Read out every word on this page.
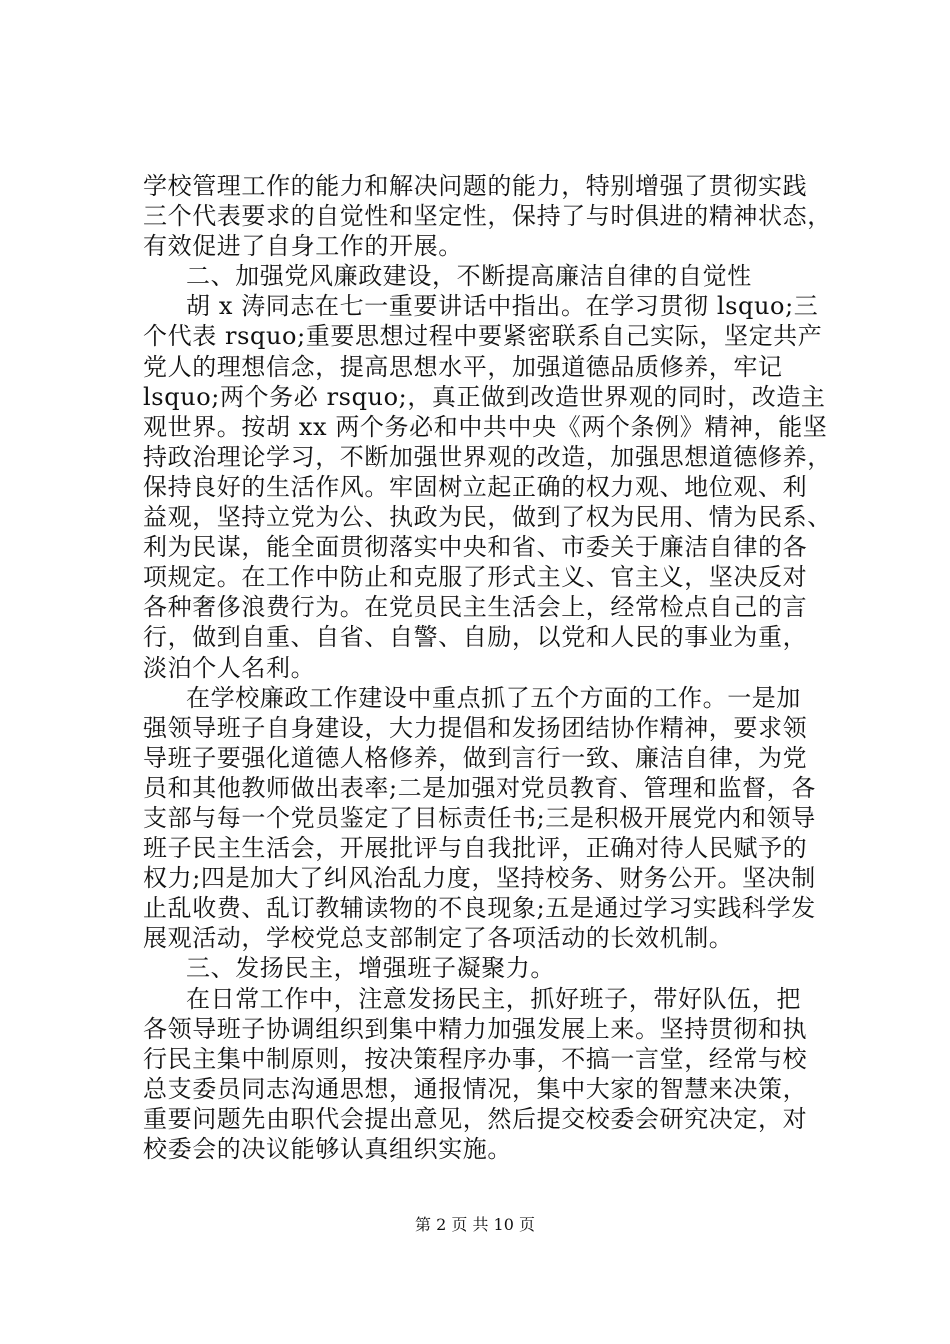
学校管理工作的能力和解决问题的能力，特别增强了贯彻实践
三个代表要求的自觉性和坚定性，保持了与时俱进的精神状态，
有效促进了自身工作的开展。
二、加强党风廉政建设，不断提高廉洁自律的自觉性
胡 x 涛同志在七一重要讲话中指出。在学习贯彻 lsquo;三
个代表 rsquo;重要思想过程中要紧密联系自己实际，坚定共产
党人的理想信念，提高思想水平，加强道德品质修养，牢记
lsquo;两个务必 rsquo;，真正做到改造世界观的同时，改造主
观世界。按胡 xx 两个务必和中共中央《两个条例》精神，能坚
持政治理论学习，不断加强世界观的改造，加强思想道德修养，
保持良好的生活作风。牢固树立起正确的权力观、地位观、利
益观，坚持立党为公、执政为民，做到了权为民用、情为民系、
利为民谋，能全面贯彻落实中央和省、市委关于廉洁自律的各
项规定。在工作中防止和克服了形式主义、官主义，坚决反对
各种奢侈浪费行为。在党员民主生活会上，经常检点自己的言
行，做到自重、自省、自警、自励，以党和人民的事业为重，
淡泊个人名利。
在学校廉政工作建设中重点抓了五个方面的工作。一是加
强领导班子自身建设，大力提倡和发扬团结协作精神，要求领
导班子要强化道德人格修养，做到言行一致、廉洁自律，为党
员和其他教师做出表率;二是加强对党员教育、管理和监督，各
支部与每一个党员鉴定了目标责任书;三是积极开展党内和领导
班子民主生活会，开展批评与自我批评，正确对待人民赋予的
权力;四是加大了纠风治乱力度，坚持校务、财务公开。坚决制
止乱收费、乱订教辅读物的不良现象;五是通过学习实践科学发
展观活动，学校党总支部制定了各项活动的长效机制。
三、发扬民主，增强班子凝聚力。
在日常工作中，注意发扬民主，抓好班子，带好队伍，把
各领导班子协调组织到集中精力加强发展上来。坚持贯彻和执
行民主集中制原则，按决策程序办事，不搞一言堂，经常与校
总支委员同志沟通思想，通报情况，集中大家的智慧来决策，
重要问题先由职代会提出意见，然后提交校委会研究决定，对
校委会的决议能够认真组织实施。
第 2 页 共 10 页
